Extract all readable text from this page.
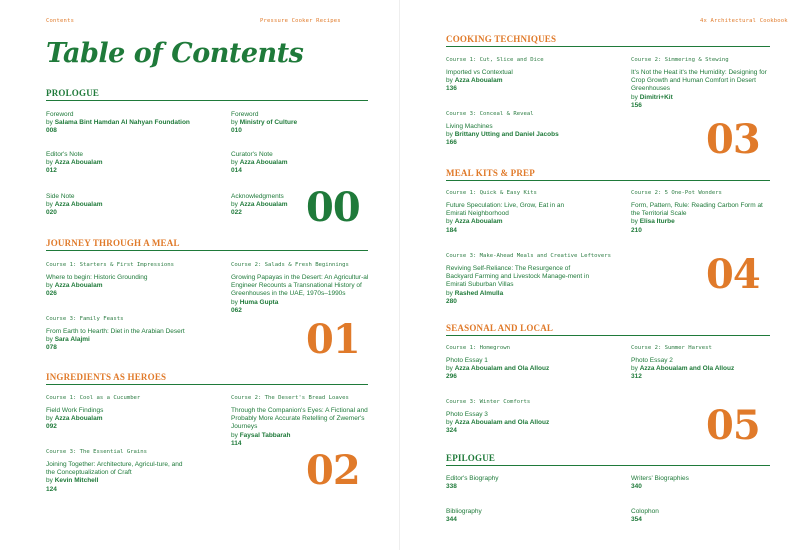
Contents	Pressure Cooker Recipes
Table of Contents
PROLOGUE
Foreword
by Salama Bint Hamdan Al Nahyan Foundation
008
Foreword
by Ministry of Culture
010
Editor's Note
by Azza Aboualam
012
Curator's Note
by Azza Aboualam
014
Side Note
by Azza Aboualam
020
Acknowledgments
by Azza Aboualam
022	00
JOURNEY THROUGH A MEAL
Course 1: Starters & First Impressions
Where to begin: Historic Grounding
by Azza Aboualam
026
Course 2: Salads & Fresh Beginnings
Growing Papayas in the Desert: An Agricultur-al Engineer Recounts a Transnational History of Greenhouses in the UAE, 1970s–1990s
by Huma Gupta
062
Course 3: Family Feasts
From Earth to Hearth: Diet in the Arabian Desert
by Sara Alajmi
078	01
INGREDIENTS AS HEROES
Course 1: Cool as a Cucumber
Field Work Findings
by Azza Aboualam
092
Course 2: The Desert's Bread Loaves
Through the Companion's Eyes: A Fictional and Probably More Accurate Retelling of Zwemer's Journeys
by Faysal Tabbarah
114
Course 3: The Essential Grains
Joining Together: Architecture, Agricul-ture, and the Conceptualization of Craft
by Kevin Mitchell
124	02
4x Architectural Cookbook
COOKING TECHNIQUES
Course 1: Cut, Slice and Dice
Imported vs Contextual
by Azza Aboualam
136
Course 2: Simmering & Stewing
It's Not the Heat it's the Humidity: Designing for Crop Growth and Human Comfort in Desert Greenhouses
by Dimitri+Kit
156
Course 3: Conceal & Reveal
Living Machines
by Brittany Utting and Daniel Jacobs
166	03
MEAL KITS & PREP
Course 1: Quick & Easy Kits
Future Speculation: Live, Grow, Eat in an Emirati Neighborhood
by Azza Aboualam
184
Course 2: 5 One-Pot Wonders
Form, Pattern, Rule: Reading Carbon Form at the Territorial Scale
by Elisa Iturbe
210
Course 3: Make-Ahead Meals and Creative Leftovers
Reviving Self-Reliance: The Resurgence of Backyard Farming and Livestock Manage-ment in Emirati Suburban Villas
by Rashed Almulla
280
04
SEASONAL AND LOCAL
Course 1: Homegrown
Photo Essay 1
by Azza Aboualam and Ola Allouz
296
Course 2: Summer Harvest
Photo Essay 2
by Azza Aboualam and Ola Allouz
312
Course 3: Winter Comforts
Photo Essay 3
by Azza Aboualam and Ola Allouz
324	05
EPILOGUE
Editor's Biography
338
Writers' Biographies
340
Bibliography
344
Colophon
354
